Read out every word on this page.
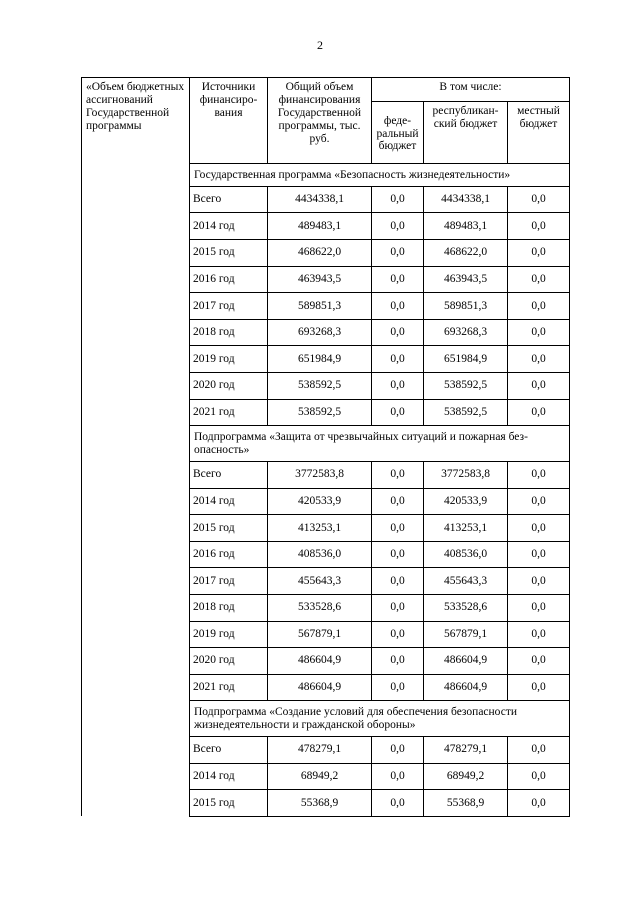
2
«Объем бюджетных ассигнований Государственной программы	Источники финансиро-вания	Общий объем финансирования Государственной программы, тыс. руб.	В том числе:		
			феде-ральный бюджет	республикан-ский бюджет	местный бюджет
	Государственная программа «Безопасность жизнедеятельности»				
	Всего	4434338,1	0,0	4434338,1	0,0
	2014 год	489483,1	0,0	489483,1	0,0
	2015 год	468622,0	0,0	468622,0	0,0
	2016 год	463943,5	0,0	463943,5	0,0
	2017 год	589851,3	0,0	589851,3	0,0
	2018 год	693268,3	0,0	693268,3	0,0
	2019 год	651984,9	0,0	651984,9	0,0
	2020 год	538592,5	0,0	538592,5	0,0
	2021 год	538592,5	0,0	538592,5	0,0
	Подпрограмма «Защита от чрезвычайных ситуаций и пожарная без-опасность»				
	Всего	3772583,8	0,0	3772583,8	0,0
	2014 год	420533,9	0,0	420533,9	0,0
	2015 год	413253,1	0,0	413253,1	0,0
	2016 год	408536,0	0,0	408536,0	0,0
	2017 год	455643,3	0,0	455643,3	0,0
	2018 год	533528,6	0,0	533528,6	0,0
	2019 год	567879,1	0,0	567879,1	0,0
	2020 год	486604,9	0,0	486604,9	0,0
	2021 год	486604,9	0,0	486604,9	0,0
	Подпрограмма «Создание условий для обеспечения безопасности жизнедеятельности и гражданской обороны»				
	Всего	478279,1	0,0	478279,1	0,0
	2014 год	68949,2	0,0	68949,2	0,0
	2015 год	55368,9	0,0	55368,9	0,0
